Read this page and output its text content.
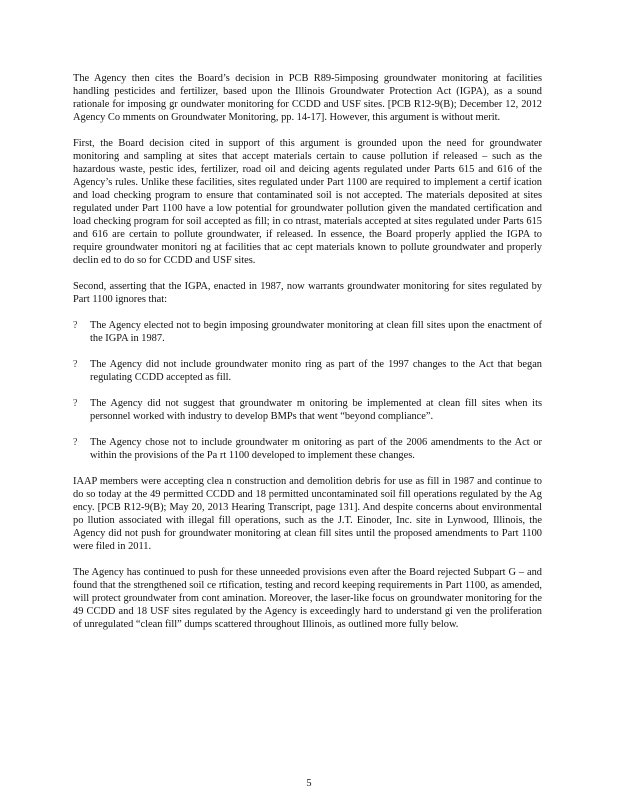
The Agency then cites the Board’s decision in PCB R89-5imposing groundwater monitoring at facilities handling pesticides and fertilizer, based upon the Illinois Groundwater Protection Act (IGPA), as a sound rationale for imposing gr oundwater monitoring for CCDD and USF sites. [PCB R12-9(B); December 12, 2012 Agency Co mments on Groundwater Monitoring, pp. 14-17]. However, this argument is without merit.

First, the Board decision cited in support of this argument is grounded upon the need for groundwater monitoring and sampling at sites that accept materials certain to cause pollution if released – such as the hazardous waste, pestic ides, fertilizer, road oil and deicing agents regulated under Parts 615 and 616 of the Agency’s rules. Unlike these facilities, sites regulated under Part 1100 are required to implement a certif ication and load checking program to ensure that contaminated soil is not accepted. The materials deposited at sites regulated under Part 1100 have a low potential for groundwater pollution given the mandated certification and load checking program for soil accepted as fill; in co ntrast, materials accepted at sites regulated under Parts 615 and 616 are certain to pollute groundwater, if released. In essence, the Board properly applied the IGPA to require groundwater monitori ng at facilities that ac cept materials known to pollute groundwater and properly declin ed to do so for CCDD and USF sites.

Second, asserting that the IGPA, enacted in 1987, now warrants groundwater monitoring for sites regulated by Part 1100 ignores that:

?	The Agency elected not to begin imposing groundwater monitoring at clean fill sites upon the enactment of the IGPA in 1987.
?	The Agency did not include groundwater monito ring as part of the 1997 changes to the Act that began regulating CCDD accepted as fill.
?	The Agency did not suggest that groundwater m onitoring be implemented at clean fill sites when its personnel worked with industry to develop BMPs that went “beyond compliance”.
?	The Agency chose not to include groundwater m onitoring as part of the 2006 amendments to the Act or within the provisions of the Pa rt 1100 developed to implement these changes.

IAAP members were accepting clea n construction and demolition debris for use as fill in 1987 and continue to do so today at the 49 permitted CCDD and 18 permitted uncontaminated soil fill operations regulated by the Ag ency. [PCB R12-9(B); May 20, 2013 Hearing Transcript, page 131]. And despite concerns about environmental po llution associated with illegal fill operations, such as the J.T. Einoder, Inc. site in Lynwood, Illinois, the Agency did not push for groundwater monitoring at clean fill sites until the proposed amendments to Part 1100 were filed in 2011.

The Agency has continued to push for these unneeded provisions even after the Board rejected Subpart G – and found that the strengthened soil ce rtification, testing and record keeping requirements in Part 1100, as amended, will protect groundwater from cont amination. Moreover, the laser-like focus on groundwater monitoring for the 49 CCDD and 18 USF sites regulated by the Agency is exceedingly hard to understand gi ven the proliferation of unregulated “clean fill” dumps scattered throughout Illinois, as outlined more fully below.

5
